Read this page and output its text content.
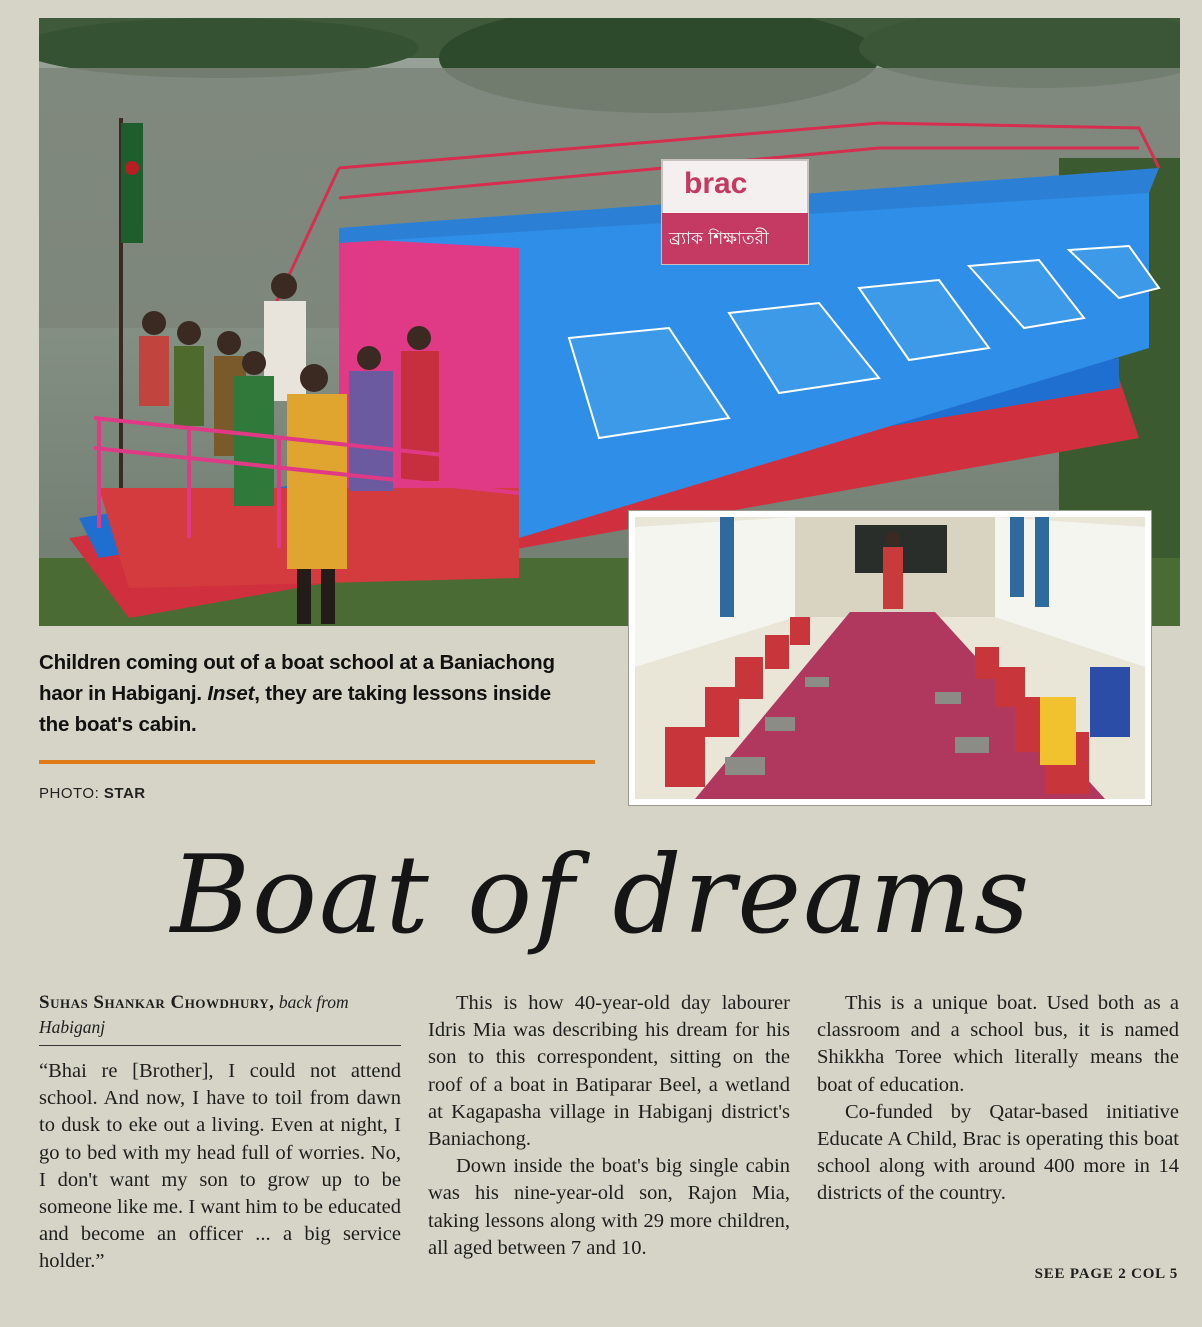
brac
ব্র্যাক শিক্ষাতরী
Children coming out of a boat school at a Baniachong
haor in Habiganj. Inset, they are taking lessons inside
the boat's cabin.
PHOTO: STAR
Boat of dreams
Suhas Shankar Chowdhury, back from Habiganj

“Bhai re [Brother], I could not attend school. And now, I have to toil from dawn to dusk to eke out a living. Even at night, I go to bed with my head full of worries. No, I don't want my son to grow up to be someone like me. I want him to be educated and become an officer ... a big service holder.”

This is how 40-year-old day labourer Idris Mia was describing his dream for his son to this correspondent, sitting on the roof of a boat in Batiparar Beel, a wetland at Kagapasha village in Habiganj district's Baniachong.

Down inside the boat's big single cabin was his nine-year-old son, Rajon Mia, taking lessons along with 29 more children, all aged between 7 and 10.

This is a unique boat. Used both as a classroom and a school bus, it is named Shikkha Toree which literally means the boat of education.

Co-funded by Qatar-based initiative Educate A Child, Brac is operating this boat school along with around 400 more in 14 districts of the country.

SEE PAGE 2 COL 5
